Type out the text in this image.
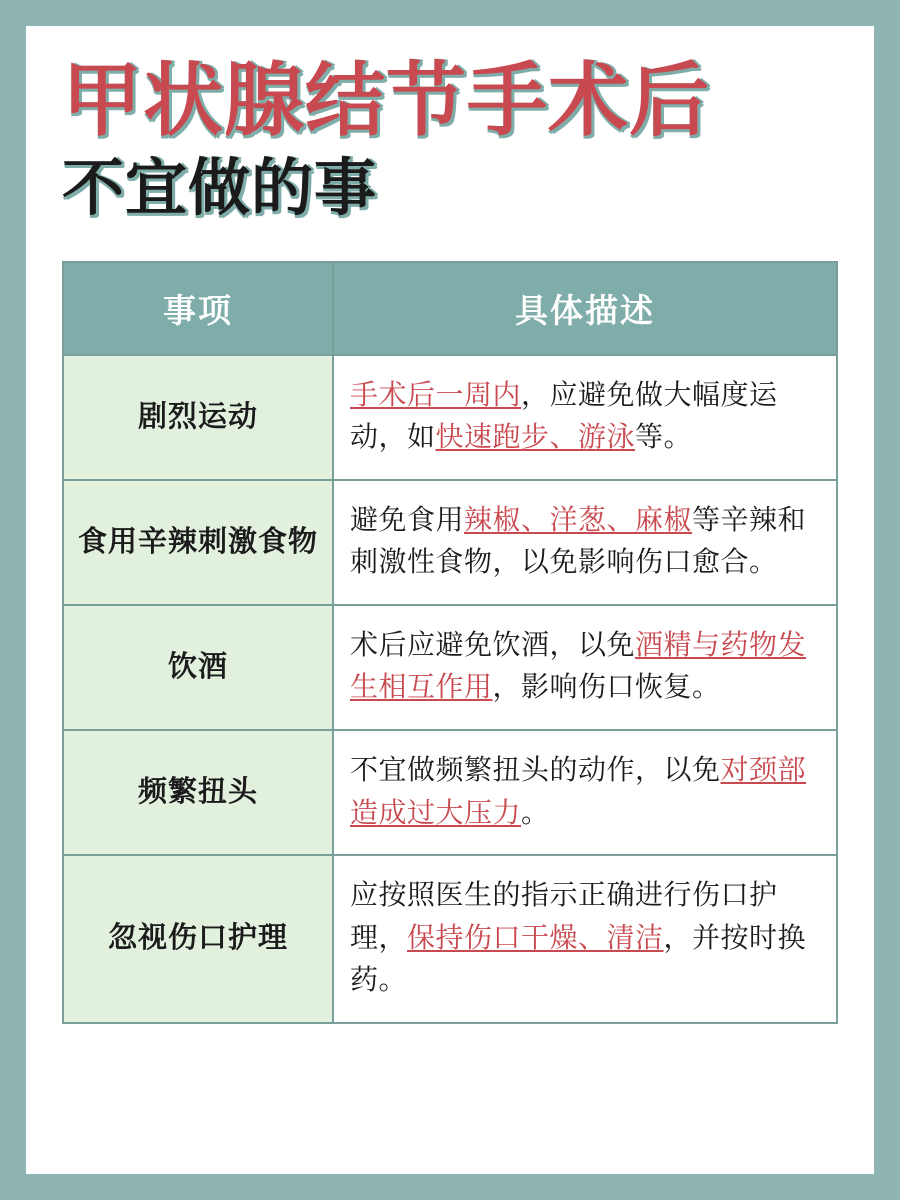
甲状腺结节手术后
不宜做的事
事项	具体描述
剧烈运动	手术后一周内，应避免做大幅度运动，如快速跑步、游泳等。
食用辛辣刺激食物	避免食用辣椒、洋葱、麻椒等辛辣和刺激性食物，以免影响伤口愈合。
饮酒	术后应避免饮酒，以免酒精与药物发生相互作用，影响伤口恢复。
频繁扭头	不宜做频繁扭头的动作，以免对颈部造成过大压力。
忽视伤口护理	应按照医生的指示正确进行伤口护理，保持伤口干燥、清洁，并按时换药。
